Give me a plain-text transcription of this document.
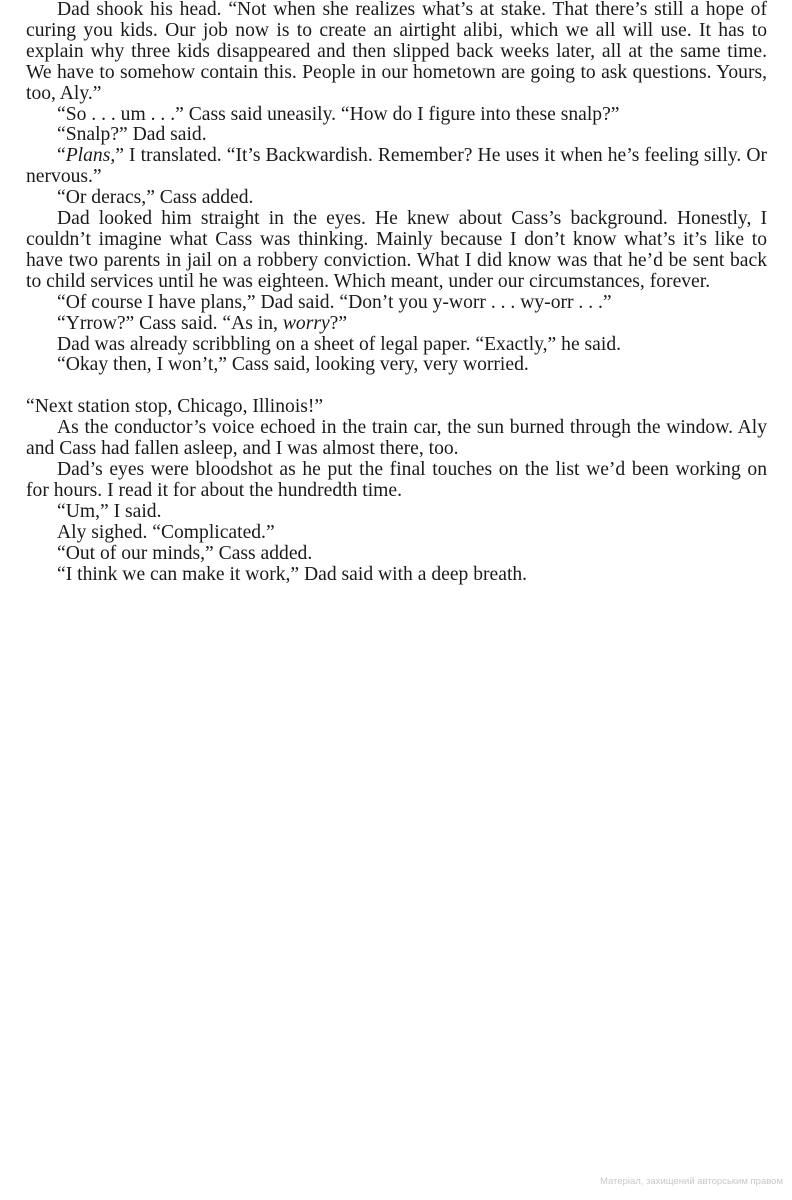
Dad shook his head. “Not when she realizes what’s at stake. That there’s still a hope of curing you kids. Our job now is to create an airtight alibi, which we all will use. It has to explain why three kids disappeared and then slipped back weeks later, all at the same time. We have to somehow contain this. People in our hometown are going to ask questions. Yours, too, Aly.”

“So . . . um . . .” Cass said uneasily. “How do I figure into these snalp?”

“Snalp?” Dad said.

“Plans,” I translated. “It’s Backwardish. Remember? He uses it when he’s feeling silly. Or nervous.”

“Or deracs,” Cass added.

Dad looked him straight in the eyes. He knew about Cass’s background. Honestly, I couldn’t imagine what Cass was thinking. Mainly because I don’t know what’s it’s like to have two parents in jail on a robbery conviction. What I did know was that he’d be sent back to child services until he was eighteen. Which meant, under our circumstances, forever.

“Of course I have plans,” Dad said. “Don’t you y-worr . . . wy-orr . . .”

“Yrrow?” Cass said. “As in, worry?”

Dad was already scribbling on a sheet of legal paper. “Exactly,” he said.

“Okay then, I won’t,” Cass said, looking very, very worried.

“Next station stop, Chicago, Illinois!”

As the conductor’s voice echoed in the train car, the sun burned through the window. Aly and Cass had fallen asleep, and I was almost there, too.

Dad’s eyes were bloodshot as he put the final touches on the list we’d been working on for hours. I read it for about the hundredth time.

“Um,” I said.

Aly sighed. “Complicated.”

“Out of our minds,” Cass added.

“I think we can make it work,” Dad said with a deep breath.

Матеріал, захищений авторським правом
